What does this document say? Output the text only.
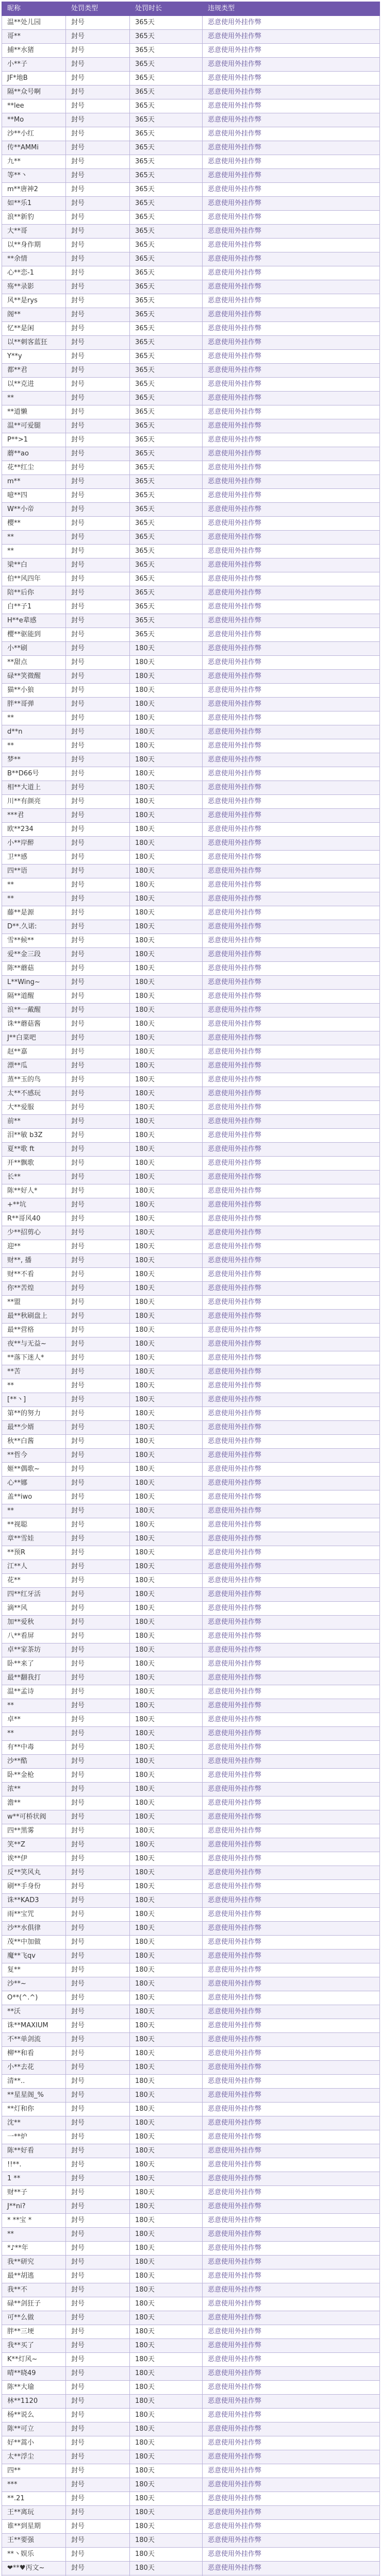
昵称	处罚类型	处罚时长	违规类型
温**处儿园	封号	365天	恶意使用外挂作弊
哥**	封号	365天	恶意使用外挂作弊
捕**水猪	封号	365天	恶意使用外挂作弊
小**子	封号	365天	恶意使用外挂作弊
JF*地B	封号	365天	恶意使用外挂作弊
隔**众号啊	封号	365天	恶意使用外挂作弊
**lee	封号	365天	恶意使用外挂作弊
**Mo	封号	365天	恶意使用外挂作弊
沙**小红	封号	365天	恶意使用外挂作弊
传**AMMi	封号	365天	恶意使用外挂作弊
九**	封号	365天	恶意使用外挂作弊
等**丶	封号	365天	恶意使用外挂作弊
m**唐神2	封号	365天	恶意使用外挂作弊
如**乐1	封号	365天	恶意使用外挂作弊
浪**新豹	封号	365天	恶意使用外挂作弊
大**哥	封号	365天	恶意使用外挂作弊
以**身作期	封号	365天	恶意使用外挂作弊
**余情	封号	365天	恶意使用外挂作弊
心**恋-1	封号	365天	恶意使用外挂作弊
殇**录影	封号	365天	恶意使用外挂作弊
风**是rys	封号	365天	恶意使用外挂作弊
阁**	封号	365天	恶意使用外挂作弊
忆**是闲	封号	365天	恶意使用外挂作弊
以**刺客蓝狂	封号	365天	恶意使用外挂作弊
Y**y	封号	365天	恶意使用外挂作弊
都**君	封号	365天	恶意使用外挂作弊
以**克进	封号	365天	恶意使用外挂作弊
**	封号	365天	恶意使用外挂作弊
**道懒	封号	365天	恶意使用外挂作弊
温**可爱腿	封号	365天	恶意使用外挂作弊
P**>1	封号	365天	恶意使用外挂作弊
蘑**ao	封号	365天	恶意使用外挂作弊
花**红尘	封号	365天	恶意使用外挂作弊
m**	封号	365天	恶意使用外挂作弊
噫**四	封号	365天	恶意使用外挂作弊
W**小帝	封号	365天	恶意使用外挂作弊
樱**	封号	365天	恶意使用外挂作弊
**	封号	365天	恶意使用外挂作弊
**	封号	365天	恶意使用外挂作弊
梁**白	封号	365天	恶意使用外挂作弊
伯**风四年	封号	365天	恶意使用外挂作弊
陪**后你	封号	365天	恶意使用外挂作弊
白**子1	封号	365天	恶意使用外挂作弊
H**e辈感	封号	365天	恶意使用外挂作弊
樱**驱能到	封号	365天	恶意使用外挂作弊
小**刷	封号	180天	恶意使用外挂作弊
**甜点	封号	180天	恶意使用外挂作弊
碌**笑微醒	封号	180天	恶意使用外挂作弊
猫**小狼	封号	180天	恶意使用外挂作弊
胖**哥弹	封号	180天	恶意使用外挂作弊
**	封号	180天	恶意使用外挂作弊
d**n	封号	180天	恶意使用外挂作弊
**	封号	180天	恶意使用外挂作弊
梦**	封号	180天	恶意使用外挂作弊
B**D66号	封号	180天	恶意使用外挂作弊
相**大道上	封号	180天	恶意使用外挂作弊
川**有颜亮	封号	180天	恶意使用外挂作弊
***君	封号	180天	恶意使用外挂作弊
欧**234	封号	180天	恶意使用外挂作弊
小**岸醉	封号	180天	恶意使用外挂作弊
卫**感	封号	180天	恶意使用外挂作弊
四**语	封号	180天	恶意使用外挂作弊
**	封号	180天	恶意使用外挂作弊
**	封号	180天	恶意使用外挂作弊
藤**是源	封号	180天	恶意使用外挂作弊
D**.久诺:	封号	180天	恶意使用外挂作弊
雪**候**	封号	180天	恶意使用外挂作弊
爱**金三段	封号	180天	恶意使用外挂作弊
陈**蘑菇	封号	180天	恶意使用外挂作弊
L**Wing~	封号	180天	恶意使用外挂作弊
隔**道醒	封号	180天	恶意使用外挂作弊
浪**一戴醒	封号	180天	恶意使用外挂作弊
诛**蘑菇酱	封号	180天	恶意使用外挂作弊
J**白菜吧	封号	180天	恶意使用外挂作弊
赵**嘉	封号	180天	恶意使用外挂作弊
漂**瓜	封号	180天	恶意使用外挂作弊
蒸**玉的鸟	封号	180天	恶意使用外挂作弊
太**不感玩	封号	180天	恶意使用外挂作弊
大**爱服	封号	180天	恶意使用外挂作弊
前**	封号	180天	恶意使用外挂作弊
泪**敏 b3Z	封号	180天	恶意使用外挂作弊
夏**歌 ft	封号	180天	恶意使用外挂作弊
开**飘歌	封号	180天	恶意使用外挂作弊
长**	封号	180天	恶意使用外挂作弊
陈**好人*	封号	180天	恶意使用外挂作弊
+**坑	封号	180天	恶意使用外挂作弊
R**哥风40	封号	180天	恶意使用外挂作弊
少**招剪心	封号	180天	恶意使用外挂作弊
迎**	封号	180天	恶意使用外挂作弊
财**, 播	封号	180天	恶意使用外挂作弊
财**不看	封号	180天	恶意使用外挂作弊
你**苦煌	封号	180天	恶意使用外挂作弊
**盟	封号	180天	恶意使用外挂作弊
最**秋刷盘上	封号	180天	恶意使用外挂作弊
最**营格	封号	180天	恶意使用外挂作弊
夜**与无益~	封号	180天	恶意使用外挂作弊
**落下迷人*	封号	180天	恶意使用外挂作弊
**苦	封号	180天	恶意使用外挂作弊
**	封号	180天	恶意使用外挂作弊
[**丶]	封号	180天	恶意使用外挂作弊
第**的努力	封号	180天	恶意使用外挂作弊
最**少婿	封号	180天	恶意使用外挂作弊
秋**白酱	封号	180天	恶意使用外挂作弊
**哲今	封号	180天	恶意使用外挂作弊
姬**偶歌~	封号	180天	恶意使用外挂作弊
心**娜	封号	180天	恶意使用外挂作弊
盖**iwo	封号	180天	恶意使用外挂作弊
**	封号	180天	恶意使用外挂作弊
**视聪	封号	180天	恶意使用外挂作弊
章**雪娃	封号	180天	恶意使用外挂作弊
**预R	封号	180天	恶意使用外挂作弊
江**人	封号	180天	恶意使用外挂作弊
花**	封号	180天	恶意使用外挂作弊
四**红牙活	封号	180天	恶意使用外挂作弊
滴**风	封号	180天	恶意使用外挂作弊
加**爱秋	封号	180天	恶意使用外挂作弊
八**看屏	封号	180天	恶意使用外挂作弊
卓**家茶坊	封号	180天	恶意使用外挂作弊
卧**来了	封号	180天	恶意使用外挂作弊
最**翻我打	封号	180天	恶意使用外挂作弊
温**孟诗	封号	180天	恶意使用外挂作弊
**	封号	180天	恶意使用外挂作弊
卓**	封号	180天	恶意使用外挂作弊
**	封号	180天	恶意使用外挂作弊
有**中毒	封号	180天	恶意使用外挂作弊
沙**酷	封号	180天	恶意使用外挂作弊
卧**金枪	封号	180天	恶意使用外挂作弊
浓**	封号	180天	恶意使用外挂作弊
澹**	封号	180天	恶意使用外挂作弊
w**可桥状阀	封号	180天	恶意使用外挂作弊
四**黑雾	封号	180天	恶意使用外挂作弊
笑**Z	封号	180天	恶意使用外挂作弊
诶**伊	封号	180天	恶意使用外挂作弊
反**笑风丸	封号	180天	恶意使用外挂作弊
刷**手身份	封号	180天	恶意使用外挂作弊
诛**KAD3	封号	180天	恶意使用外挂作弊
雨**宝咒	封号	180天	恶意使用外挂作弊
沙**水俱律	封号	180天	恶意使用外挂作弊
茂**中加做	封号	180天	恶意使用外挂作弊
魔**飞qv	封号	180天	恶意使用外挂作弊
复**	封号	180天	恶意使用外挂作弊
沙**~	封号	180天	恶意使用外挂作弊
O**(^.^)	封号	180天	恶意使用外挂作弊
**沃	封号	180天	恶意使用外挂作弊
诛**MAXIUM	封号	180天	恶意使用外挂作弊
不**单剑流	封号	180天	恶意使用外挂作弊
柳**和看	封号	180天	恶意使用外挂作弊
小**去花	封号	180天	恶意使用外挂作弊
清**..	封号	180天	恶意使用外挂作弊
**星星阁_%	封号	180天	恶意使用外挂作弊
**灯和你	封号	180天	恶意使用外挂作弊
沈**	封号	180天	恶意使用外挂作弊
一**炉	封号	180天	恶意使用外挂作弊
陈**好看	封号	180天	恶意使用外挂作弊
!!**.	封号	180天	恶意使用外挂作弊
1 **	封号	180天	恶意使用外挂作弊
财**子	封号	180天	恶意使用外挂作弊
J**ni?	封号	180天	恶意使用外挂作弊
* **宝 *	封号	180天	恶意使用外挂作弊
**	封号	180天	恶意使用外挂作弊
*♪**年	封号	180天	恶意使用外挂作弊
我**研究	封号	180天	恶意使用外挂作弊
最**胡逃	封号	180天	恶意使用外挂作弊
我**不	封号	180天	恶意使用外挂作弊
碌**剑狂子	封号	180天	恶意使用外挂作弊
可**么做	封号	180天	恶意使用外挂作弊
胖**三埂	封号	180天	恶意使用外挂作弊
我**买了	封号	180天	恶意使用外挂作弊
K**灯风~	封号	180天	恶意使用外挂作弊
晴**晓49	封号	180天	恶意使用外挂作弊
陈**大瑜	封号	180天	恶意使用外挂作弊
林**1120	封号	180天	恶意使用外挂作弊
杨**说么	封号	180天	恶意使用外挂作弊
陈**可立	封号	180天	恶意使用外挂作弊
好**蒿小	封号	180天	恶意使用外挂作弊
太**浮尘	封号	180天	恶意使用外挂作弊
四**	封号	180天	恶意使用外挂作弊
***	封号	180天	恶意使用外挂作弊
**.21	封号	180天	恶意使用外挂作弊
王**离玩	封号	180天	恶意使用外挂作弊
谁**到星期	封号	180天	恶意使用外挂作弊
王**要强	封号	180天	恶意使用外挂作弊
**丶娱乐	封号	180天	恶意使用外挂作弊
❤**♥丙文~	封号	180天	恶意使用外挂作弊
